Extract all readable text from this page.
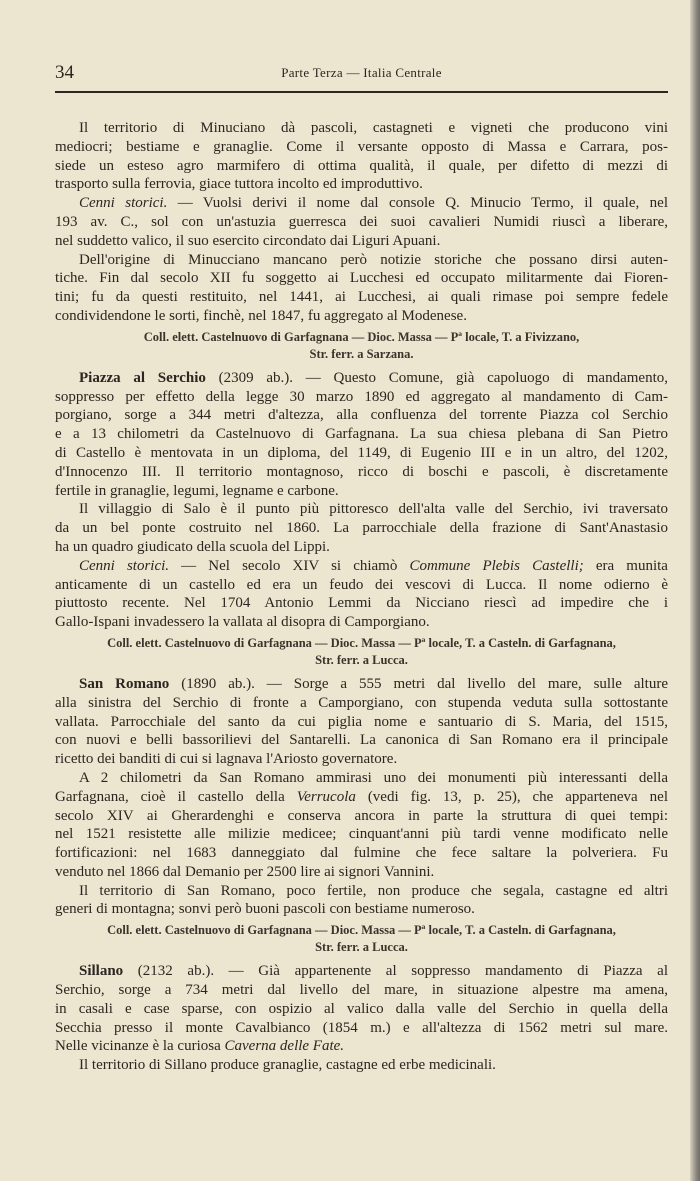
34	Parte Terza — Italia Centrale
Il territorio di Minuciano dà pascoli, castagneti e vigneti che producono vini
mediocri; bestiame e granaglie. Come il versante opposto di Massa e Carrara, pos-
siede un esteso agro marmifero di ottima qualità, il quale, per difetto di mezzi di
trasporto sulla ferrovia, giace tuttora incolto ed improduttivo.
Cenni storici. — Vuolsi derivi il nome dal console Q. Minucio Termo, il quale, nel
193 av. C., sol con un'astuzia guerresca dei suoi cavalieri Numidi riuscì a liberare,
nel suddetto valico, il suo esercito circondato dai Liguri Apuani.
Dell'origine di Minucciano mancano però notizie storiche che possano dirsi auten-
tiche. Fin dal secolo XII fu soggetto ai Lucchesi ed occupato militarmente dai Fioren-
tini; fu da questi restituito, nel 1441, ai Lucchesi, ai quali rimase poi sempre fedele
condividendone le sorti, finchè, nel 1847, fu aggregato al Modenese.
Coll. elett. Castelnuovo di Garfagnana — Dioc. Massa — Pª locale, T. a Fivizzano,
Str. ferr. a Sarzana.
Piazza al Serchio (2309 ab.). — Questo Comune, già capoluogo di mandamento,
soppresso per effetto della legge 30 marzo 1890 ed aggregato al mandamento di Cam-
porgiano, sorge a 344 metri d'altezza, alla confluenza del torrente Piazza col Serchio
e a 13 chilometri da Castelnuovo di Garfagnana. La sua chiesa plebana di San Pietro
di Castello è mentovata in un diploma, del 1149, di Eugenio III e in un altro, del 1202,
d'Innocenzo III. Il territorio montagnoso, ricco di boschi e pascoli, è discretamente
fertile in granaglie, legumi, legname e carbone.
Il villaggio di Salo è il punto più pittoresco dell'alta valle del Serchio, ivi traversato
da un bel ponte costruito nel 1860. La parrocchiale della frazione di Sant'Anastasio
ha un quadro giudicato della scuola del Lippi.
Cenni storici. — Nel secolo XIV si chiamò Commune Plebis Castelli; era munita
anticamente di un castello ed era un feudo dei vescovi di Lucca. Il nome odierno è
piuttosto recente. Nel 1704 Antonio Lemmi da Nicciano riescì ad impedire che i
Gallo-Ispani invadessero la vallata al disopra di Camporgiano.
Coll. elett. Castelnuovo di Garfagnana — Dioc. Massa — Pª locale, T. a Casteln. di Garfagnana,
Str. ferr. a Lucca.
San Romano (1890 ab.). — Sorge a 555 metri dal livello del mare, sulle alture
alla sinistra del Serchio di fronte a Camporgiano, con stupenda veduta sulla sottostante
vallata. Parrocchiale del santo da cui piglia nome e santuario di S. Maria, del 1515,
con nuovi e belli bassorilievi del Santarelli. La canonica di San Romano era il principale
ricetto dei banditi di cui si lagnava l'Ariosto governatore.
A 2 chilometri da San Romano ammirasi uno dei monumenti più interessanti della
Garfagnana, cioè il castello della Verrucola (vedi fig. 13, p. 25), che apparteneva nel
secolo XIV ai Gherardenghi e conserva ancora in parte la struttura di quei tempi:
nel 1521 resistette alle milizie medicee; cinquant'anni più tardi venne modificato nelle
fortificazioni: nel 1683 danneggiato dal fulmine che fece saltare la polveriera. Fu
venduto nel 1866 dal Demanio per 2500 lire ai signori Vannini.
Il territorio di San Romano, poco fertile, non produce che segala, castagne ed altri
generi di montagna; sonvi però buoni pascoli con bestiame numeroso.
Coll. elett. Castelnuovo di Garfagnana — Dioc. Massa — Pª locale, T. a Casteln. di Garfagnana,
Str. ferr. a Lucca.
Sillano (2132 ab.). — Già appartenente al soppresso mandamento di Piazza al
Serchio, sorge a 734 metri dal livello del mare, in situazione alpestre ma amena,
in casali e case sparse, con ospizio al valico dalla valle del Serchio in quella della
Secchia presso il monte Cavalbianco (1854 m.) e all'altezza di 1562 metri sul mare.
Nelle vicinanze è la curiosa Caverna delle Fate.
Il territorio di Sillano produce granaglie, castagne ed erbe medicinali.
